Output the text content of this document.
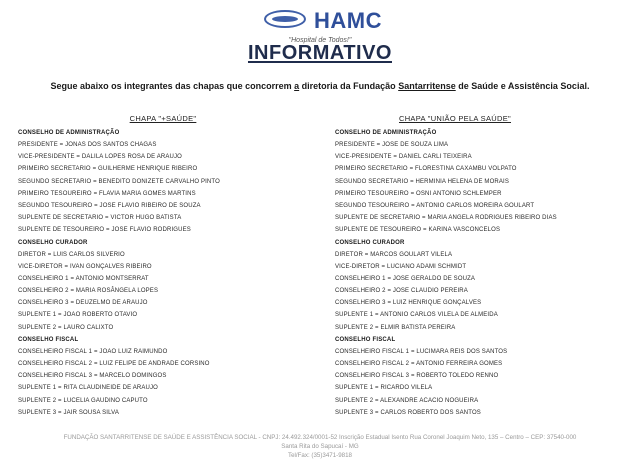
HAMC
"Hospital de Todos!"
INFORMATIVO
Segue abaixo os integrantes das chapas que concorrem a diretoria da Fundação Santarritense de Saúde e Assistência Social.
CHAPA "+SAÚDE"
CONSELHO DE ADMINISTRAÇÃO
PRESIDENTE = JONAS DOS SANTOS CHAGAS
VICE-PRESIDENTE = DALILA LOPES ROSA DE ARAUJO
PRIMEIRO SECRETARIO = GUILHERME HENRIQUE RIBEIRO
SEGUNDO SECRETARIO = BENEDITO DONIZETE CARVALHO PINTO
PRIMEIRO TESOUREIRO = FLAVIA MARIA GOMES MARTINS
SEGUNDO TESOUREIRO = JOSE FLAVIO RIBEIRO DE SOUZA
SUPLENTE DE SECRETARIO = VICTOR HUGO BATISTA
SUPLENTE DE TESOUREIRO = JOSE FLAVIO RODRIGUES
CONSELHO CURADOR
DIRETOR = LUIS CARLOS SILVERIO
VICE-DIRETOR = IVAN GONÇALVES RIBEIRO
CONSELHEIRO 1 = ANTONIO MONTSERRAT
CONSELHEIRO 2 = MARIA ROSÂNGELA LOPES
CONSELHEIRO 3 = DEUZELMO DE ARAUJO
SUPLENTE 1 = JOAO ROBERTO OTAVIO
SUPLENTE 2 = LAURO CALIXTO
CONSELHO FISCAL
CONSELHEIRO FISCAL 1 = JOAO LUIZ RAIMUNDO
CONSELHEIRO FISCAL 2 = LUIZ FELIPE DE ANDRADE CORSINO
CONSELHEIRO FISCAL 3 = MARCELO DOMINGOS
SUPLENTE 1 = RITA CLAUDINEIDE DE ARAUJO
SUPLENTE 2 = LUCELIA GAUDINO CAPUTO
SUPLENTE 3 = JAIR SOUSA SILVA
CHAPA "UNIÃO PELA SAÚDE"
CONSELHO DE ADMINISTRAÇÃO
PRESIDENTE = JOSE DE SOUZA LIMA
VICE-PRESIDENTE = DANIEL CARLI TEIXEIRA
PRIMEIRO SECRETARIO = FLORESTINA CAXAMBU VOLPATO
SEGUNDO SECRETARIO = HERMINIA HELENA DE MORAIS
PRIMEIRO TESOUREIRO = OSNI ANTONIO SCHLEMPER
SEGUNDO TESOUREIRO = ANTONIO CARLOS MOREIRA GOULART
SUPLENTE DE SECRETARIO = MARIA ANGELA RODRIGUES RIBEIRO DIAS
SUPLENTE DE TESOUREIRO = KARINA VASCONCELOS
CONSELHO CURADOR
DIRETOR = MARCOS GOULART VILELA
VICE-DIRETOR = LUCIANO ADAMI SCHMIDT
CONSELHEIRO 1 = JOSE GERALDO DE SOUZA
CONSELHEIRO 2 = JOSE CLAUDIO PEREIRA
CONSELHEIRO 3 = LUIZ HENRIQUE GONÇALVES
SUPLENTE 1 = ANTONIO CARLOS VILELA DE ALMEIDA
SUPLENTE 2 = ELMIR BATISTA PEREIRA
CONSELHO FISCAL
CONSELHEIRO FISCAL 1 = LUCIMARA REIS DOS SANTOS
CONSELHEIRO FISCAL 2 = ANTONIO FERREIRA GOMES
CONSELHEIRO FISCAL 3 = ROBERTO TOLEDO RENNO
SUPLENTE 1 = RICARDO VILELA
SUPLENTE 2 = ALEXANDRE ACACIO NOGUEIRA
SUPLENTE 3 = CARLOS ROBERTO DOS SANTOS
FUNDAÇÃO SANTARRITENSE DE SAÚDE E ASSISTÊNCIA SOCIAL - CNPJ: 24.492.324/0001-52 Inscrição Estadual Isento Rua Coronel Joaquim Neto, 135 – Centro – CEP: 37540-000
Santa Rita do Sapucaí - MG
Tel/Fax: (35)3471-9818
